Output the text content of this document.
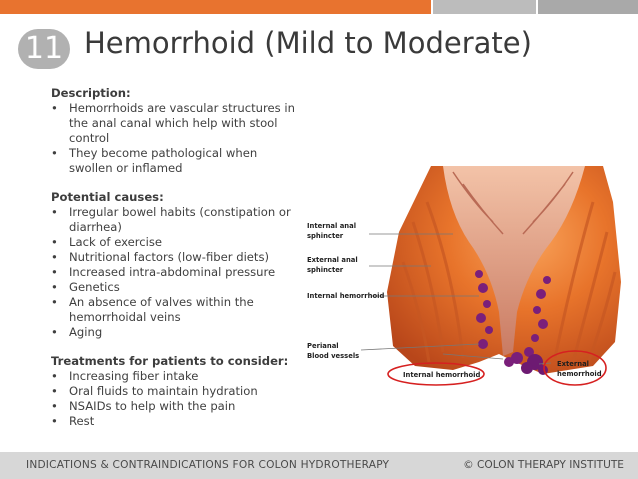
11 Hemorrhoid (Mild to Moderate)
Description:
• Hemorrhoids are vascular structures in the anal canal which help with stool control
• They become pathological when swollen or inflamed
Potential causes:
• Irregular bowel habits (constipation or diarrhea)
• Lack of exercise
• Nutritional factors (low-fiber diets)
• Increased intra-abdominal pressure
• Genetics
• An absence of valves within the hemorrhoidal veins
• Aging
Treatments for patients to consider:
• Increasing fiber intake
• Oral fluids to maintain hydration
• NSAIDs to help with the pain
• Rest
Internal anal
sphincter
External anal
sphincter
Internal hemorrhoid
Perianal
Blood vessels
Internal hemorrhoid
External
hemorrhoid
INDICATIONS & CONTRAINDICATIONS FOR COLON HYDROTHERAPY	© COLON THERAPY INSTITUTE
